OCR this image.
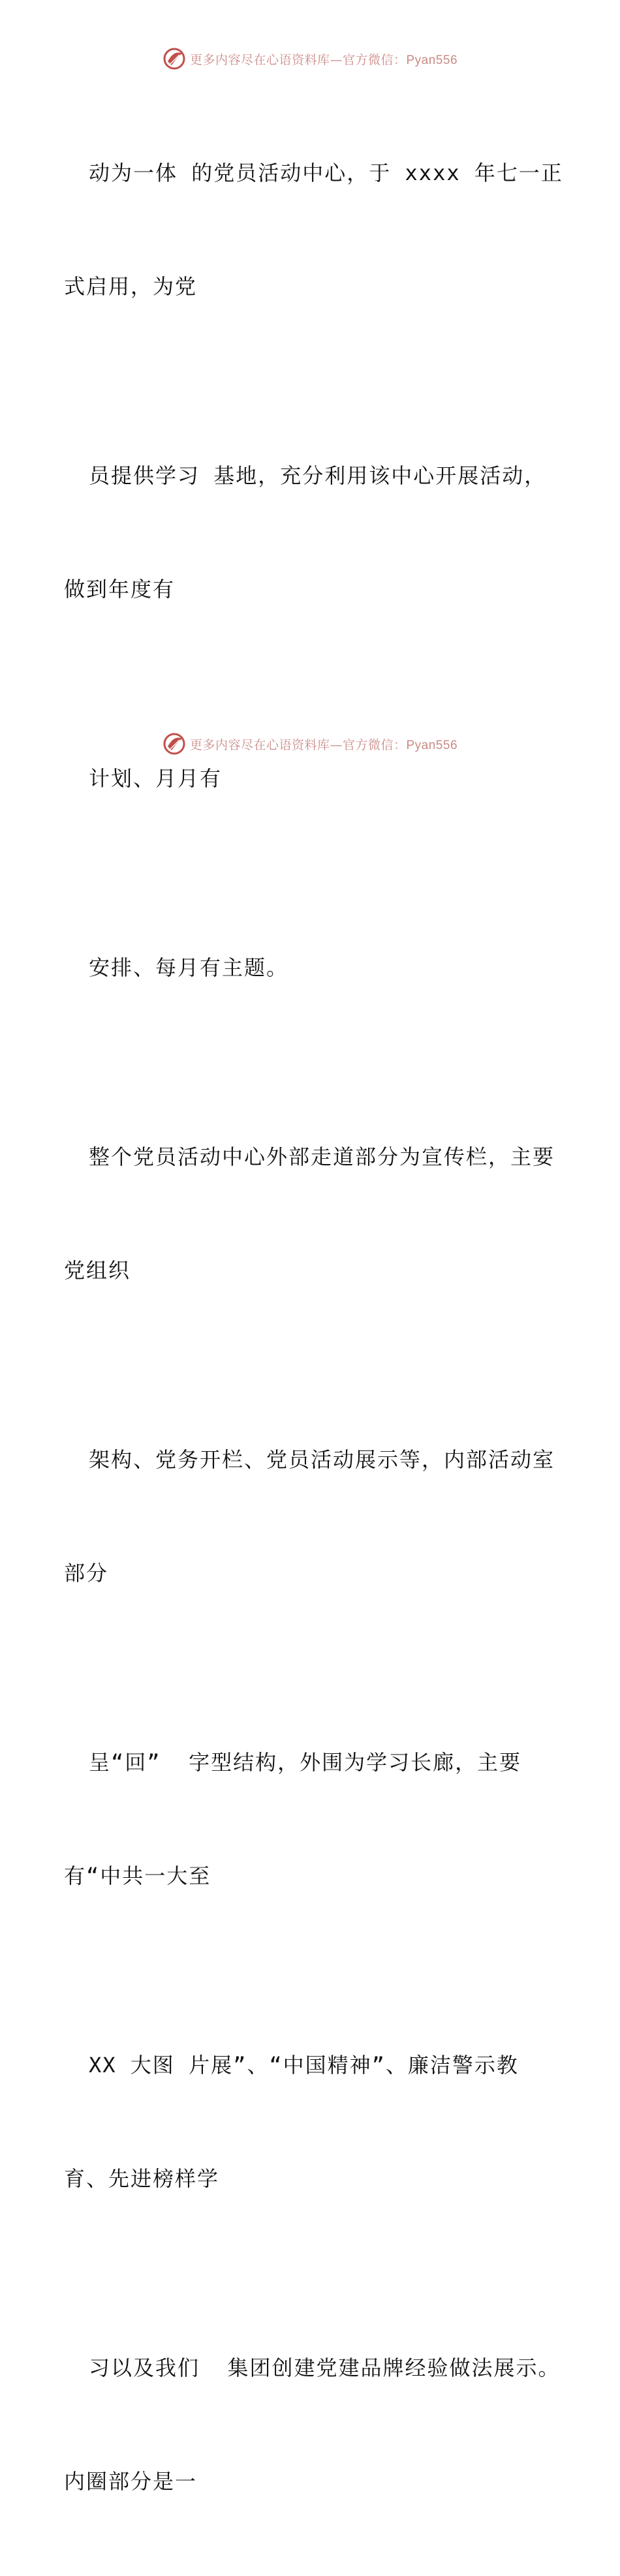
更多内容尽在心语资料库—官方微信：Pyan556

动为一体 的党员活动中心，于 xxxx 年七一正

式启用，为党

员提供学习 基地，充分利用该中心开展活动，

做到年度有

计划、月月有

安排、每月有主题。

整个党员活动中心外部走道部分为宣传栏，主要

党组织

架构、党务开栏、党员活动展示等，内部活动室

部分

呈“回”  字型结构，外围为学习长廊，主要

有“中共一大至

XX 大图 片展”、“中国精神”、廉洁警示教

育、先进榜样学

习以及我们  集团创建党建品牌经验做法展示。

内圈部分是一

更多内容尽在心语资料库—官方微信：Pyan556
